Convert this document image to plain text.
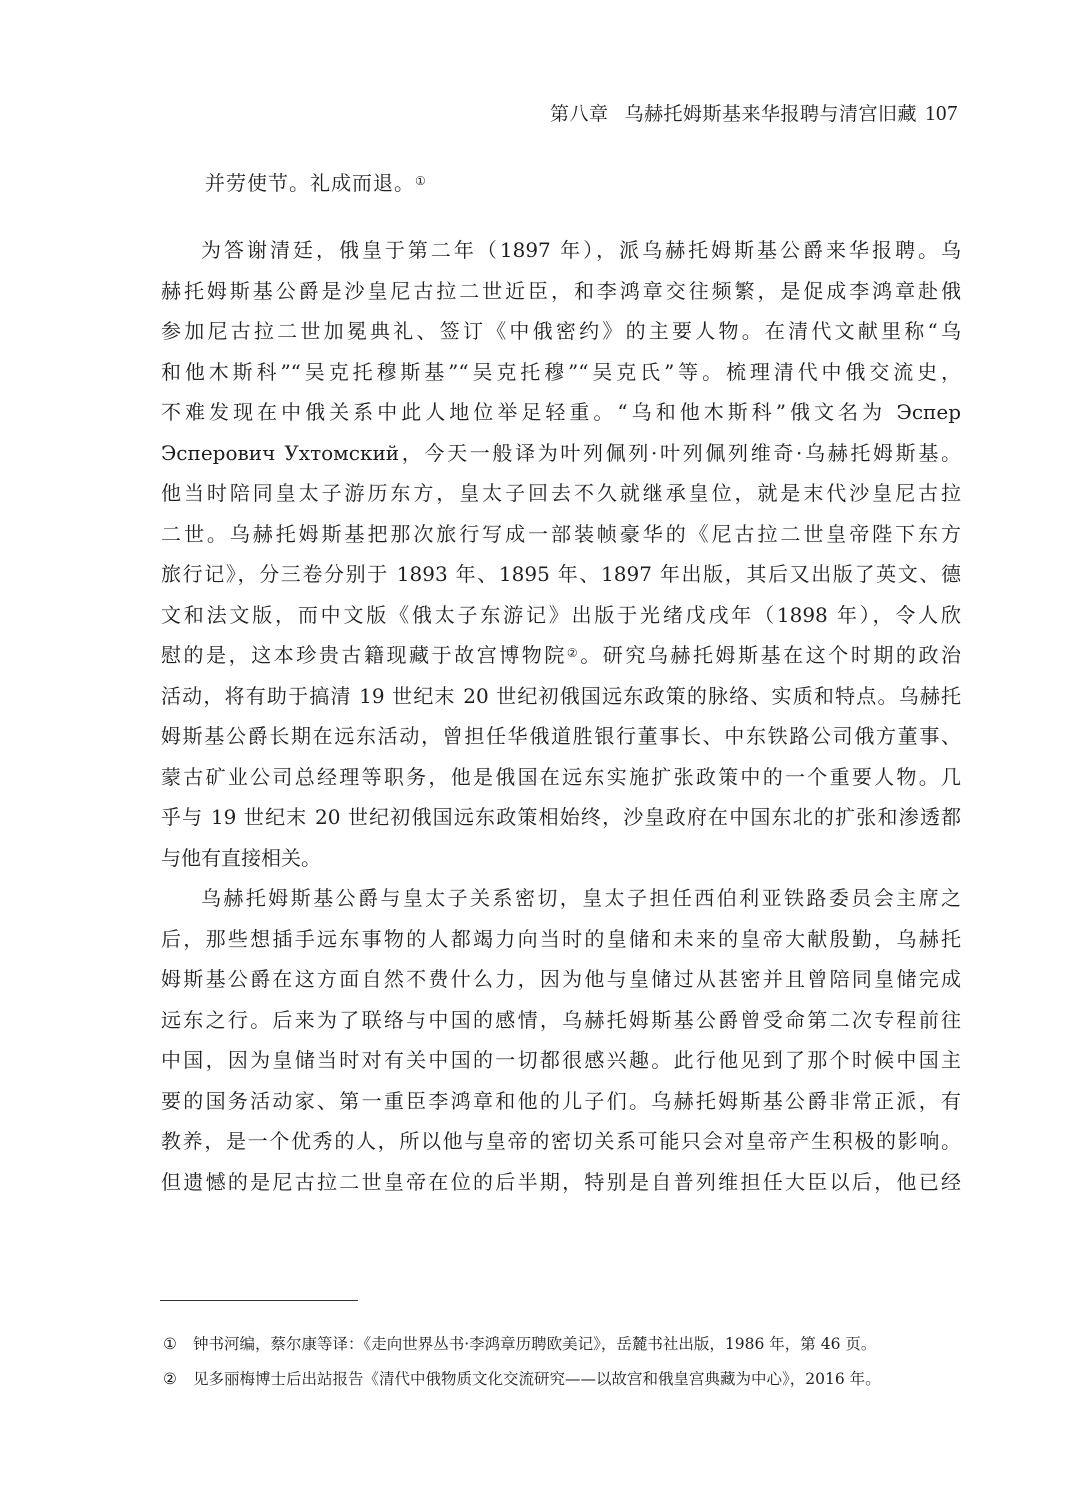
第八章 乌赫托姆斯基来华报聘与清宫旧藏 107
并劳使节。礼成而退。①
为答谢清廷，俄皇于第二年（1897 年），派乌赫托姆斯基公爵来华报聘。乌
赫托姆斯基公爵是沙皇尼古拉二世近臣，和李鸿章交往频繁，是促成李鸿章赴俄
参加尼古拉二世加冕典礼、签订《中俄密约》的主要人物。在清代文献里称“乌
和他木斯科”“吴克托穆斯基”“吴克托穆”“吴克氏”等。梳理清代中俄交流史，
不难发现在中俄关系中此人地位举足轻重。“乌和他木斯科”俄文名为 Эспер
Эсперович Ухтомский，今天一般译为叶列佩列·叶列佩列维奇·乌赫托姆斯基。
他当时陪同皇太子游历东方，皇太子回去不久就继承皇位，就是末代沙皇尼古拉
二世。乌赫托姆斯基把那次旅行写成一部装帧豪华的《尼古拉二世皇帝陛下东方
旅行记》，分三卷分别于 1893 年、1895 年、1897 年出版，其后又出版了英文、德
文和法文版，而中文版《俄太子东游记》出版于光绪戊戌年（1898 年），令人欣
慰的是，这本珍贵古籍现藏于故宫博物院②。研究乌赫托姆斯基在这个时期的政治
活动，将有助于搞清 19 世纪末 20 世纪初俄国远东政策的脉络、实质和特点。乌赫托
姆斯基公爵长期在远东活动，曾担任华俄道胜银行董事长、中东铁路公司俄方董事、
蒙古矿业公司总经理等职务，他是俄国在远东实施扩张政策中的一个重要人物。几
乎与 19 世纪末 20 世纪初俄国远东政策相始终，沙皇政府在中国东北的扩张和渗透都
与他有直接相关。
乌赫托姆斯基公爵与皇太子关系密切，皇太子担任西伯利亚铁路委员会主席之
后，那些想插手远东事物的人都竭力向当时的皇储和未来的皇帝大献殷勤，乌赫托
姆斯基公爵在这方面自然不费什么力，因为他与皇储过从甚密并且曾陪同皇储完成
远东之行。后来为了联络与中国的感情，乌赫托姆斯基公爵曾受命第二次专程前往
中国，因为皇储当时对有关中国的一切都很感兴趣。此行他见到了那个时候中国主
要的国务活动家、第一重臣李鸿章和他的儿子们。乌赫托姆斯基公爵非常正派，有
教养，是一个优秀的人，所以他与皇帝的密切关系可能只会对皇帝产生积极的影响。
但遗憾的是尼古拉二世皇帝在位的后半期，特别是自普列维担任大臣以后，他已经
① 钟书河编，蔡尔康等译：《走向世界丛书·李鸿章历聘欧美记》，岳麓书社出版，1986 年，第 46 页。
② 见多丽梅博士后出站报告《清代中俄物质文化交流研究——以故宫和俄皇宫典藏为中心》，2016 年。
